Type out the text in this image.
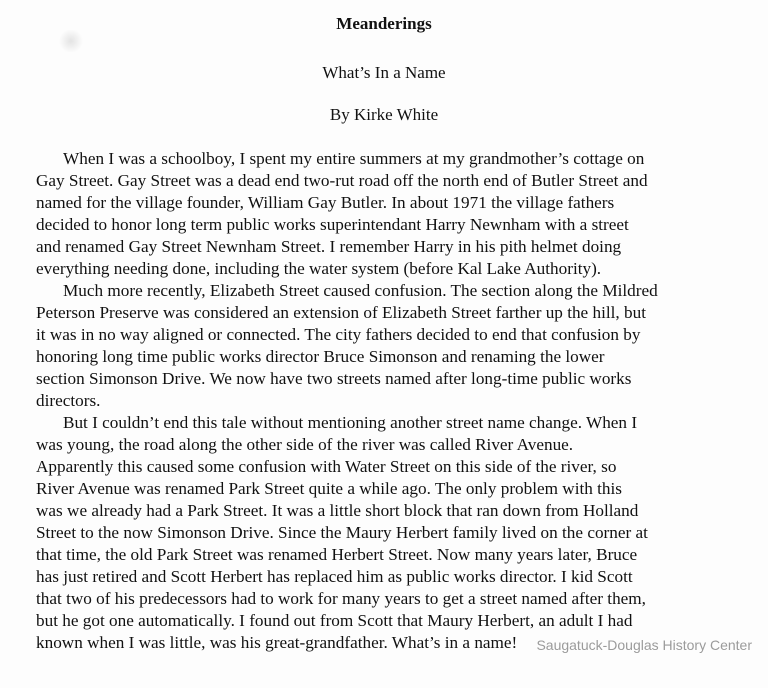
Meanderings
What’s In a Name
By Kirke White
When I was a schoolboy, I spent my entire summers at my grandmother’s cottage on
Gay Street. Gay Street was a dead end two-rut road off the north end of Butler Street and
named for the village founder, William Gay Butler. In about 1971 the village fathers
decided to honor long term public works superintendant Harry Newnham with a street
and renamed Gay Street Newnham Street. I remember Harry in his pith helmet doing
everything needing done, including the water system (before Kal Lake Authority).
Much more recently, Elizabeth Street caused confusion. The section along the Mildred
Peterson Preserve was considered an extension of Elizabeth Street farther up the hill, but
it was in no way aligned or connected. The city fathers decided to end that confusion by
honoring long time public works director Bruce Simonson and renaming the lower
section Simonson Drive. We now have two streets named after long-time public works
directors.
But I couldn’t end this tale without mentioning another street name change. When I
was young, the road along the other side of the river was called River Avenue.
Apparently this caused some confusion with Water Street on this side of the river, so
River Avenue was renamed Park Street quite a while ago. The only problem with this
was we already had a Park Street. It was a little short block that ran down from Holland
Street to the now Simonson Drive. Since the Maury Herbert family lived on the corner at
that time, the old Park Street was renamed Herbert Street. Now many years later, Bruce
has just retired and Scott Herbert has replaced him as public works director. I kid Scott
that two of his predecessors had to work for many years to get a street named after them,
but he got one automatically. I found out from Scott that Maury Herbert, an adult I had
known when I was little, was his great-grandfather. What’s in a name!	Saugatuck-Douglas History Center
